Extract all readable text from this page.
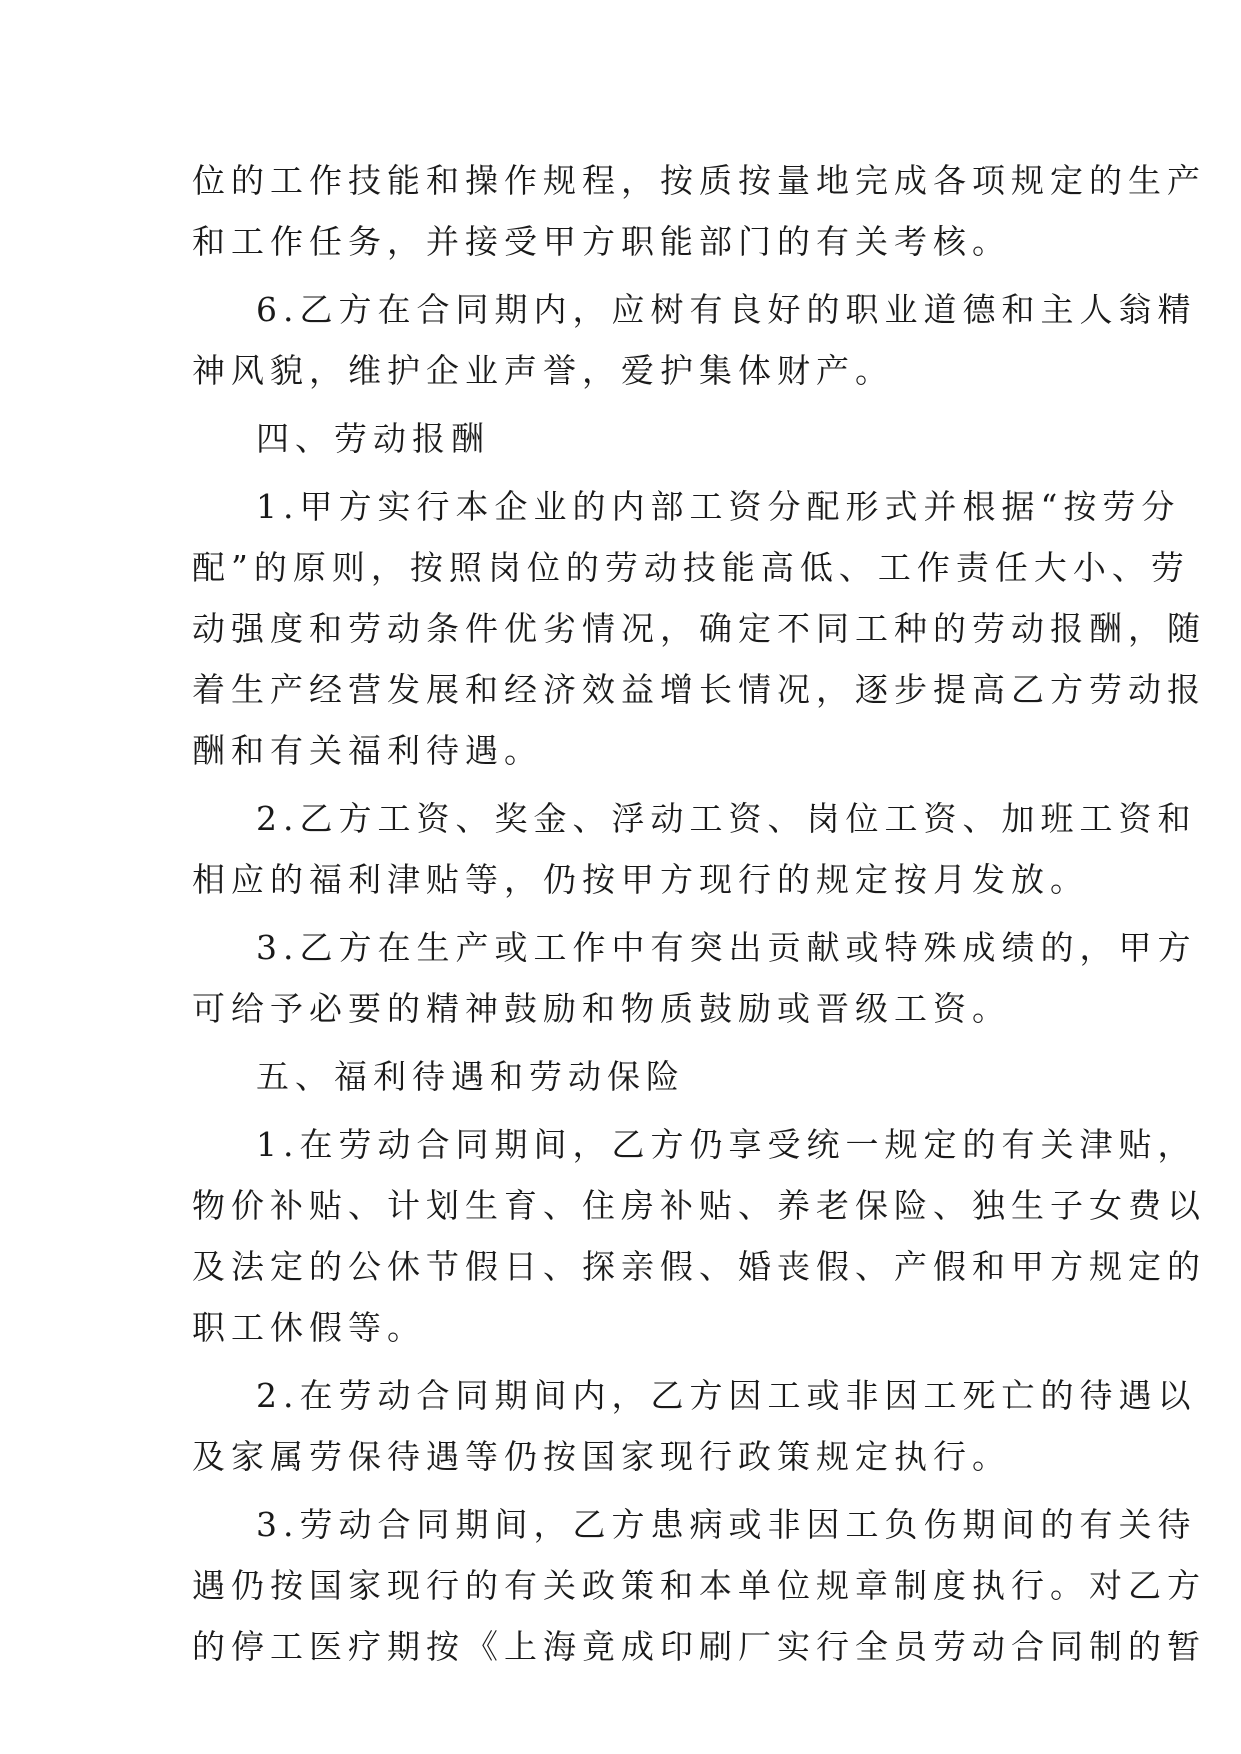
位的工作技能和操作规程，按质按量地完成各项规定的生产
和工作任务，并接受甲方职能部门的有关考核。
6.乙方在合同期内，应树有良好的职业道德和主人翁精
神风貌，维护企业声誉，爱护集体财产。
四、劳动报酬
1.甲方实行本企业的内部工资分配形式并根据“按劳分
配”的原则，按照岗位的劳动技能高低、工作责任大小、劳
动强度和劳动条件优劣情况，确定不同工种的劳动报酬，随
着生产经营发展和经济效益增长情况，逐步提高乙方劳动报
酬和有关福利待遇。
2.乙方工资、奖金、浮动工资、岗位工资、加班工资和
相应的福利津贴等，仍按甲方现行的规定按月发放。
3.乙方在生产或工作中有突出贡献或特殊成绩的，甲方
可给予必要的精神鼓励和物质鼓励或晋级工资。
五、福利待遇和劳动保险
1.在劳动合同期间，乙方仍享受统一规定的有关津贴，
物价补贴、计划生育、住房补贴、养老保险、独生子女费以
及法定的公休节假日、探亲假、婚丧假、产假和甲方规定的
职工休假等。
2.在劳动合同期间内，乙方因工或非因工死亡的待遇以
及家属劳保待遇等仍按国家现行政策规定执行。
3.劳动合同期间，乙方患病或非因工负伤期间的有关待
遇仍按国家现行的有关政策和本单位规章制度执行。对乙方
的停工医疗期按《上海竟成印刷厂实行全员劳动合同制的暂
